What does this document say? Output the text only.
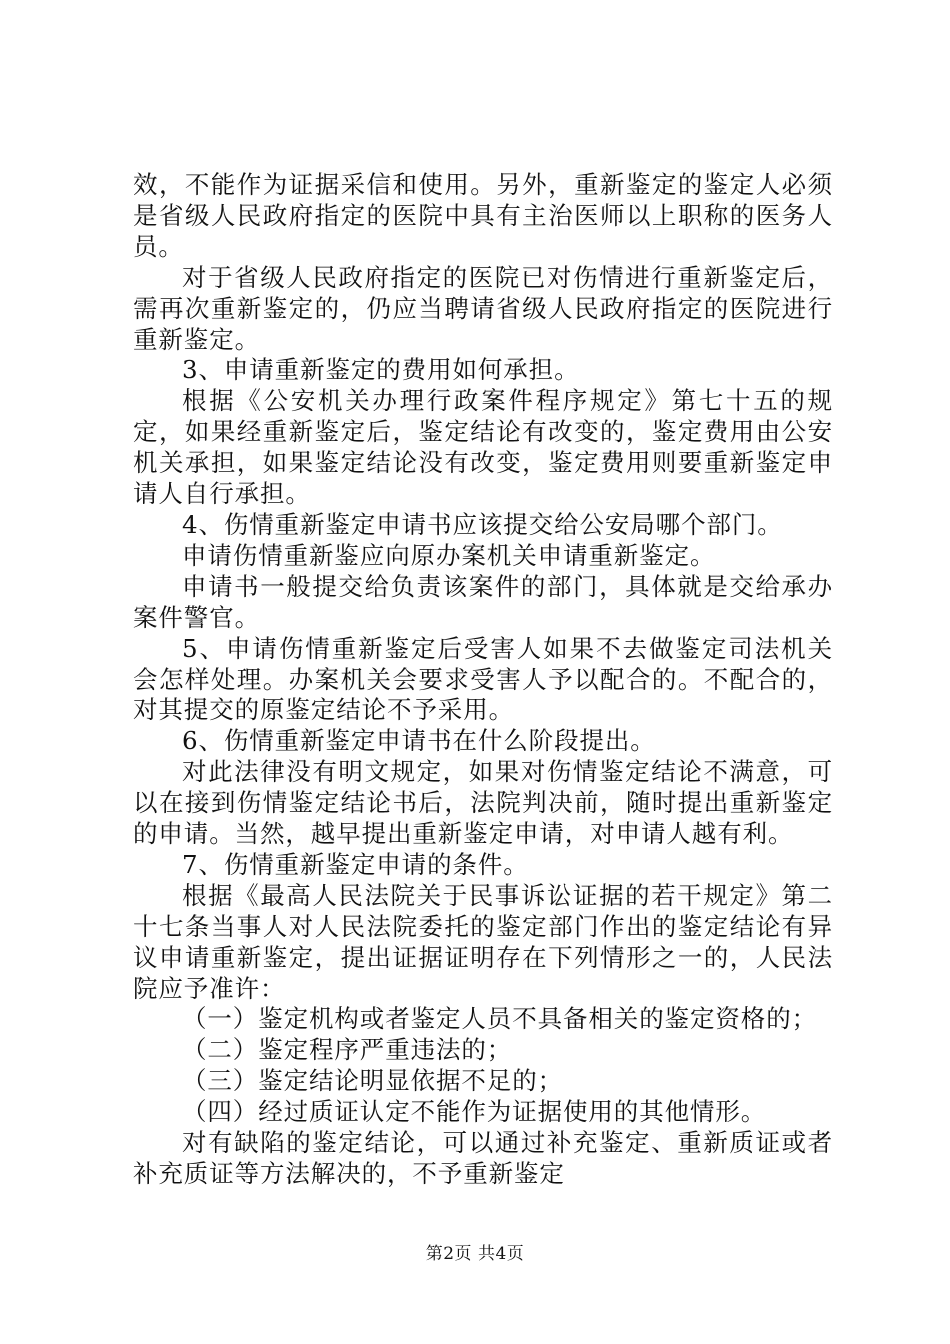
效，不能作为证据采信和使用。另外，重新鉴定的鉴定人必须是省级人民政府指定的医院中具有主治医师以上职称的医务人员。

对于省级人民政府指定的医院已对伤情进行重新鉴定后，需再次重新鉴定的，仍应当聘请省级人民政府指定的医院进行重新鉴定。

3、申请重新鉴定的费用如何承担。

根据《公安机关办理行政案件程序规定》第七十五的规定，如果经重新鉴定后，鉴定结论有改变的，鉴定费用由公安机关承担，如果鉴定结论没有改变，鉴定费用则要重新鉴定申请人自行承担。

4、伤情重新鉴定申请书应该提交给公安局哪个部门。

申请伤情重新鉴应向原办案机关申请重新鉴定。

申请书一般提交给负责该案件的部门，具体就是交给承办案件警官。

5、申请伤情重新鉴定后受害人如果不去做鉴定司法机关会怎样处理。办案机关会要求受害人予以配合的。不配合的，对其提交的原鉴定结论不予采用。

6、伤情重新鉴定申请书在什么阶段提出。

对此法律没有明文规定，如果对伤情鉴定结论不满意，可以在接到伤情鉴定结论书后，法院判决前，随时提出重新鉴定的申请。当然，越早提出重新鉴定申请，对申请人越有利。

7、伤情重新鉴定申请的条件。

根据《最高人民法院关于民事诉讼证据的若干规定》第二十七条当事人对人民法院委托的鉴定部门作出的鉴定结论有异议申请重新鉴定，提出证据证明存在下列情形之一的，人民法院应予准许：

（一）鉴定机构或者鉴定人员不具备相关的鉴定资格的；

（二）鉴定程序严重违法的；

（三）鉴定结论明显依据不足的；

（四）经过质证认定不能作为证据使用的其他情形。

对有缺陷的鉴定结论，可以通过补充鉴定、重新质证或者补充质证等方法解决的，不予重新鉴定

第2页 共4页
